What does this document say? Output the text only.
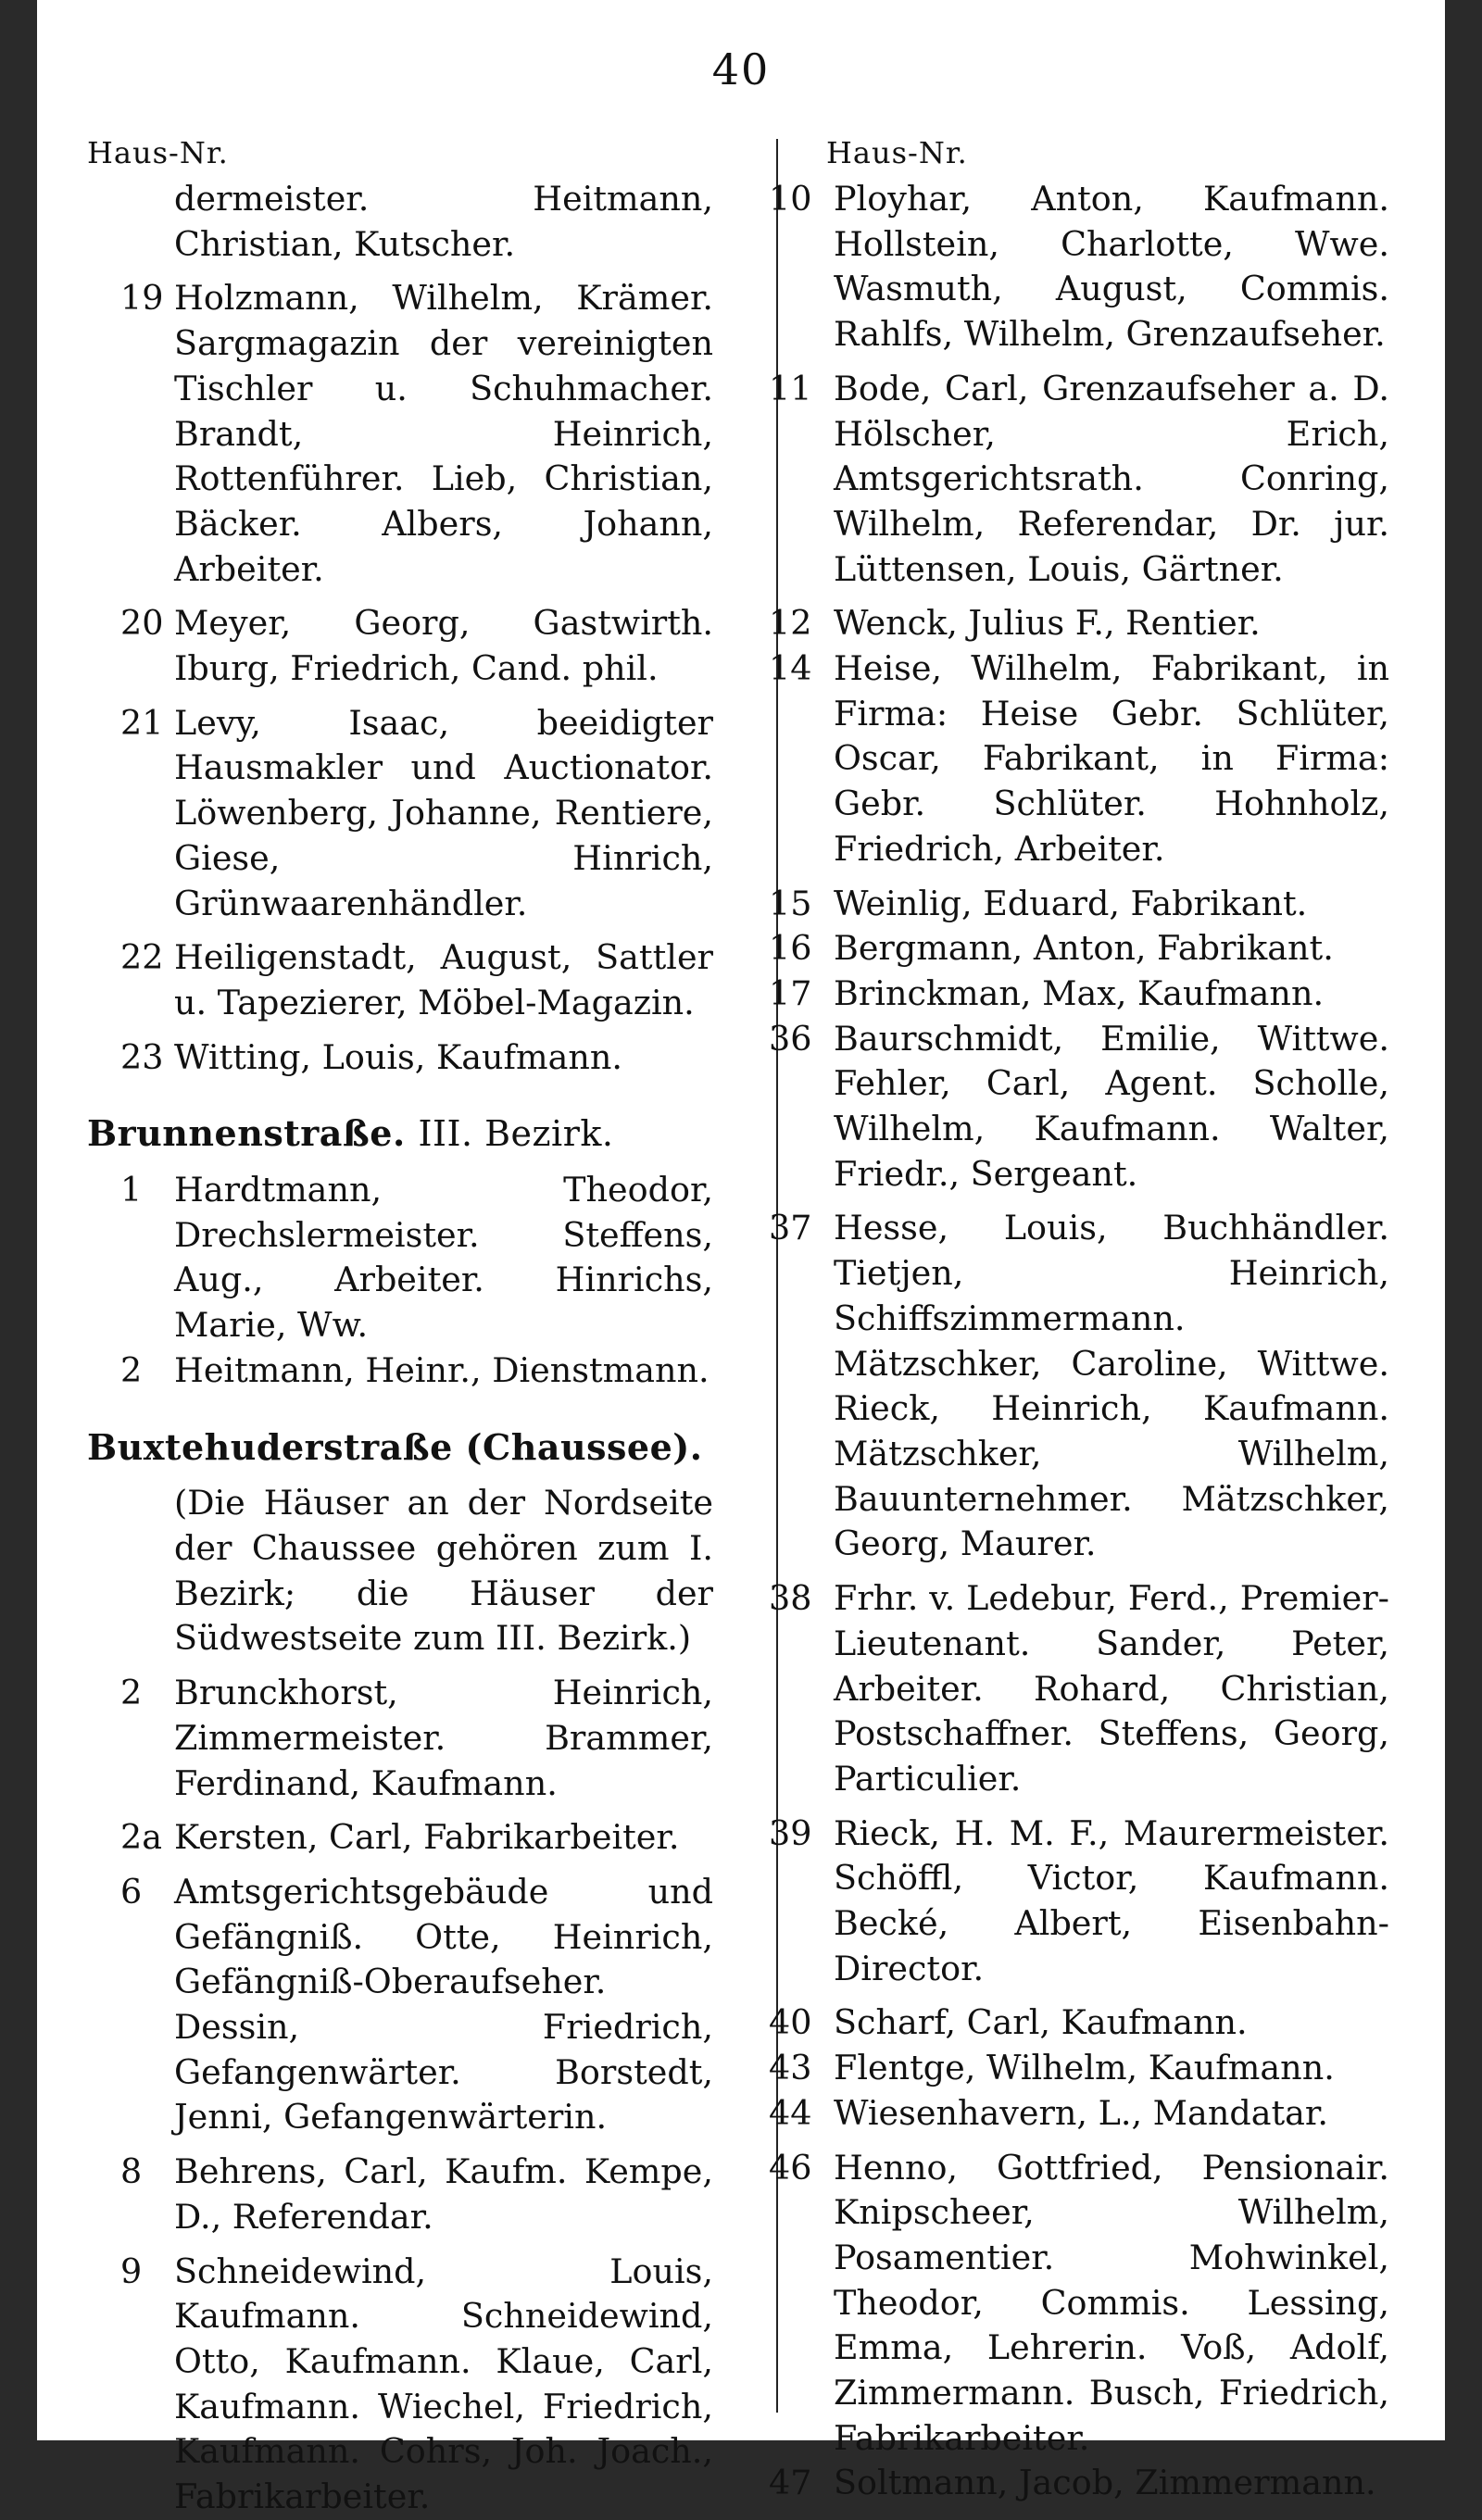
40
Haus-Nr.
dermeister. Heitmann, Christian, Kutscher.
19 Holzmann, Wilhelm, Krämer. Sargmagazin der vereinigten Tischler u. Schuhmacher. Brandt, Heinrich, Rottenführer. Lieb, Christian, Bäcker. Albers, Johann, Arbeiter.
20 Meyer, Georg, Gastwirth. Iburg, Friedrich, Cand. phil.
21 Levy, Isaac, beeidigter Hausmakler und Auctionator. Löwenberg, Johanne, Rentiere, Giese, Hinrich, Grünwaarenhändler.
22 Heiligenstadt, August, Sattler u. Tapezierer, Möbel-Magazin.
23 Witting, Louis, Kaufmann.
Brunnenstraße. III. Bezirk.
1 Hardtmann, Theodor, Drechslermeister. Steffens, Aug., Arbeiter. Hinrichs, Marie, Ww.
2 Heitmann, Heinr., Dienstmann.
Buxtehuderstraße (Chaussee).
(Die Häuser an der Nordseite der Chaussee gehören zum I. Bezirk; die Häuser der Südwestseite zum III. Bezirk.)
2 Brunckhorst, Heinrich, Zimmermeister. Brammer, Ferdinand, Kaufmann.
2a Kersten, Carl, Fabrikarbeiter.
6 Amtsgerichtsgebäude und Gefängniß. Otte, Heinrich, Gefängniß-Oberaufseher. Dessin, Friedrich, Gefangenwärter. Borstedt, Jenni, Gefangenwärterin.
8 Behrens, Carl, Kaufm. Kempe, D., Referendar.
9 Schneidewind, Louis, Kaufmann. Schneidewind, Otto, Kaufmann. Klaue, Carl, Kaufmann. Wiechel, Friedrich, Kaufmann. Cohrs, Joh. Joach., Fabrikarbeiter.
Haus-Nr.
10 Ployhar, Anton, Kaufmann. Hollstein, Charlotte, Wwe. Wasmuth, August, Commis. Rahlfs, Wilhelm, Grenzaufseher.
11 Bode, Carl, Grenzaufseher a. D. Hölscher, Erich, Amtsgerichtsrath. Conring, Wilhelm, Referendar, Dr. jur. Lüttensen, Louis, Gärtner.
12 Wenck, Julius F., Rentier.
14 Heise, Wilhelm, Fabrikant, in Firma: Heise Gebr. Schlüter, Oscar, Fabrikant, in Firma: Gebr. Schlüter. Hohnholz, Friedrich, Arbeiter.
15 Weinlig, Eduard, Fabrikant.
16 Bergmann, Anton, Fabrikant.
17 Brinckman, Max, Kaufmann.
36 Baurschmidt, Emilie, Wittwe. Fehler, Carl, Agent. Scholle, Wilhelm, Kaufmann. Walter, Friedr., Sergeant.
37 Hesse, Louis, Buchhändler. Tietjen, Heinrich, Schiffszimmermann. Mätzschker, Caroline, Wittwe. Rieck, Heinrich, Kaufmann. Mätzschker, Wilhelm, Bauunternehmer. Mätzschker, Georg, Maurer.
38 Frhr. v. Ledebur, Ferd., Premier-Lieutenant. Sander, Peter, Arbeiter. Rohard, Christian, Postschaffner. Steffens, Georg, Particulier.
39 Rieck, H. M. F., Maurermeister. Schöffl, Victor, Kaufmann. Becké, Albert, Eisenbahn-Director.
40 Scharf, Carl, Kaufmann.
43 Flentge, Wilhelm, Kaufmann.
44 Wiesenhavern, L., Mandatar.
46 Henno, Gottfried, Pensionair. Knipscheer, Wilhelm, Posamentier. Mohwinkel, Theodor, Commis. Lessing, Emma, Lehrerin. Voß, Adolf, Zimmermann. Busch, Friedrich, Fabrikarbeiter.
47 Soltmann, Jacob, Zimmermann.
